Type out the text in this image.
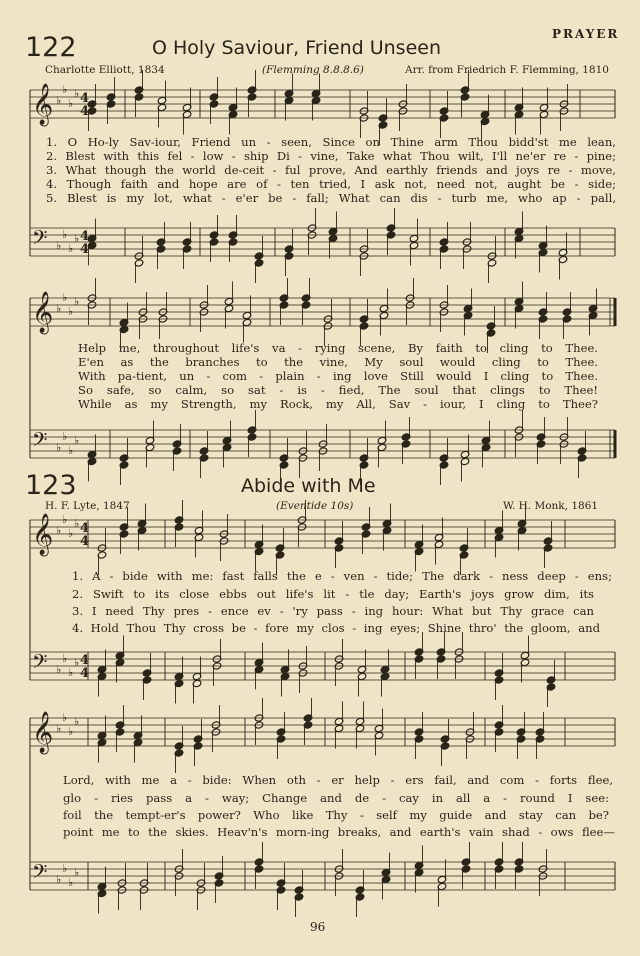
𝄞 ♭
♭
♭
♭
𝄢 ♭
♭
♭
♭
4
4
4
4
𝄞 ♭
♭
♭
♭
𝄢 ♭
♭
♭
♭
𝄞 ♭
♭
♭
♭
𝄢 ♭
♭
♭
♭
4
4
4
4
𝄞 ♭
♭
♭
♭
𝄢 ♭
♭
♭
♭
PRAYER
122	O Holy Saviour, Friend Unseen
Charlotte Elliott, 1834	(Flemming 8.8.8.6)	Arr. from Friedrich F. Flemming, 1810
1. O Ho-ly Sav-iour, Friend un - seen, Since on Thine arm Thou bidd'st me lean,
2. Blest with this fel - low - ship Di - vine, Take what Thou wilt, I'll ne'er re - pine;
3. What though the world de-ceit - ful prove, And earthly friends and joys re - move,
4. Though faith and hope are of - ten tried, I ask not, need not, aught be - side;
5. Blest is my lot, what - e'er be - fall; What can dis - turb me, who ap - pall,
Help me, throughout life's va - rying scene, By faith to cling to Thee.
E'en as the branches to the vine, My soul would cling to Thee.
With pa-tient, un - com - plain - ing love Still would I cling to Thee.
So safe, so calm, so sat - is - fied, The soul that clings to Thee!
While as my Strength, my Rock, my All, Sav - iour, I cling to Thee?
123	Abide with Me
H. F. Lyte, 1847	(Eventide 10s)	W. H. Monk, 1861
1. A - bide with me: fast falls the e - ven - tide; The dark - ness deep - ens;
2. Swift to its close ebbs out life's lit - tle day; Earth's joys grow dim, its
3. I need Thy pres - ence ev - 'ry pass - ing hour: What but Thy grace can
4. Hold Thou Thy cross be - fore my clos - ing eyes; Shine thro' the gloom, and
Lord, with me a - bide: When oth - er help - ers fail, and com - forts flee,
glo - ries pass a - way; Change and de - cay in all a - round I see:
foil the tempt-er's power? Who like Thy - self my guide and stay can be?
point me to the skies. Heav'n's morn-ing breaks, and earth's vain shad - ows flee—
96
